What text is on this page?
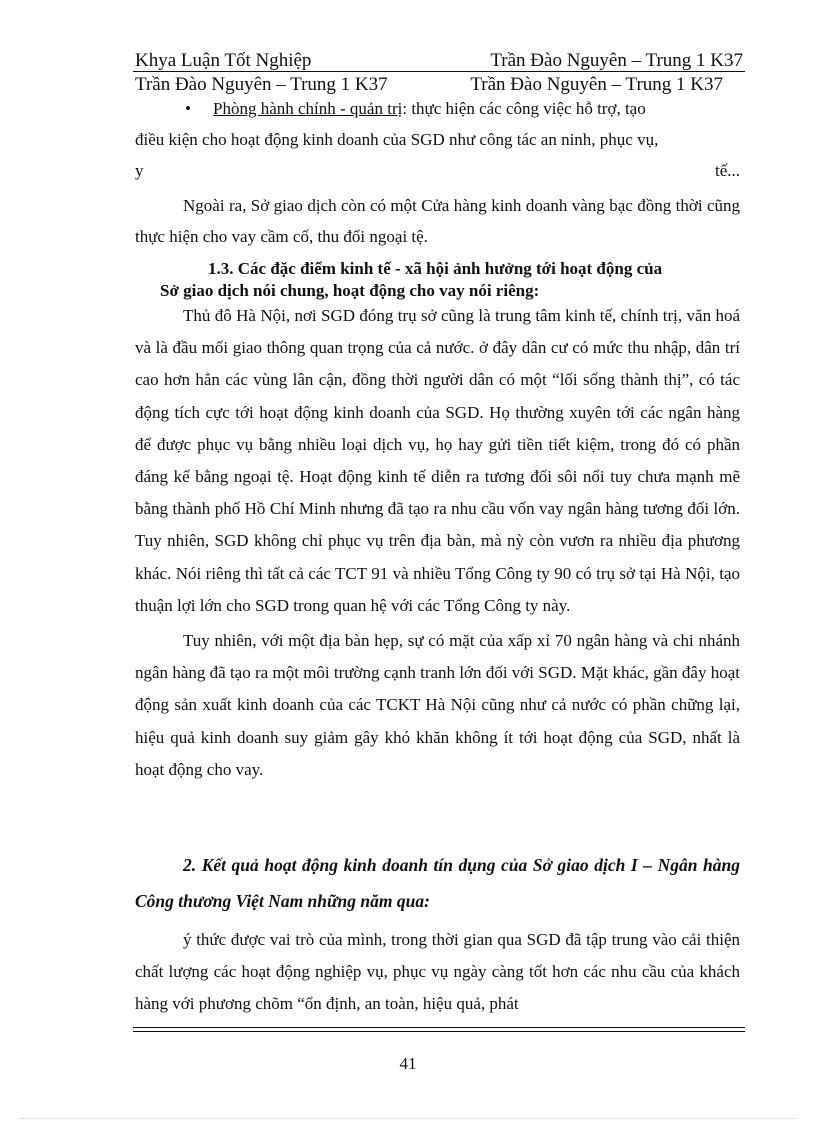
Khya Luận Tốt Nghiệp	Trần Đào Nguyên – Trung 1 K37
Trần Đào Nguyên – Trung 1 K37	Trần Đào Nguyên – Trung 1 K37

• Phòng hành chính - quản trị: thực hiện các công việc hỗ trợ, tạo

điều kiện cho hoạt động kinh doanh của SGD như công tác an ninh, phục vụ,

y	tế...

Ngoài ra, Sở giao dịch còn có một Cửa hàng kinh doanh vàng bạc đồng thời cũng thực hiện cho vay cầm cố, thu đổi ngoại tệ.

1.3. Các đặc điểm kinh tế - xã hội ảnh hưởng tới hoạt động của

Sở giao dịch nói chung, hoạt động cho vay nói riêng:

Thủ đô Hà Nội, nơi SGD đóng trụ sở cũng là trung tâm kinh tế, chính trị, văn hoá và là đầu mối giao thông quan trọng của cả nước. ở đây dân cư có mức thu nhập, dân trí cao hơn hẳn các vùng lân cận, đồng thời người dân có một “lối sống thành thị”, có tác động tích cực tới hoạt động kinh doanh của SGD. Họ thường xuyên tới các ngân hàng để được phục vụ bằng nhiều loại dịch vụ, họ hay gửi tiền tiết kiệm, trong đó có phần đáng kể bằng ngoại tệ. Hoạt động kinh tế diễn ra tương đối sôi nổi tuy chưa mạnh mẽ bằng thành phố Hồ Chí Minh nhưng đã tạo ra nhu cầu vốn vay ngân hàng tương đối lớn. Tuy nhiên, SGD không chỉ phục vụ trên địa bàn, mà nỳ còn vươn ra nhiều địa phương khác. Nói riêng thì tất cả các TCT 91 và nhiều Tổng Công ty 90 có trụ sở tại Hà Nội, tạo thuận lợi lớn cho SGD trong quan hệ với các Tổng Công ty này.

Tuy nhiên, với một địa bàn hẹp, sự có mặt của xấp xỉ 70 ngân hàng và chi nhánh ngân hàng đã tạo ra một môi trường cạnh tranh lớn đối với SGD. Mặt khác, gần đây hoạt động sản xuất kinh doanh của các TCKT Hà Nội cũng như cả nước có phần chững lại, hiệu quả kinh doanh suy giảm gây khó khăn không ít tới hoạt động của SGD, nhất là hoạt động cho vay.

2. Kết quả hoạt động kinh doanh tín dụng của Sở giao dịch I – Ngân hàng Công thương Việt Nam những năm qua:

ý thức được vai trò của mình, trong thời gian qua SGD đã tập trung vào cải thiện chất lượng các hoạt động nghiệp vụ, phục vụ ngày càng tốt hơn các nhu cầu của khách hàng với phương chõm “ổn định, an toàn, hiệu quả, phát

41
